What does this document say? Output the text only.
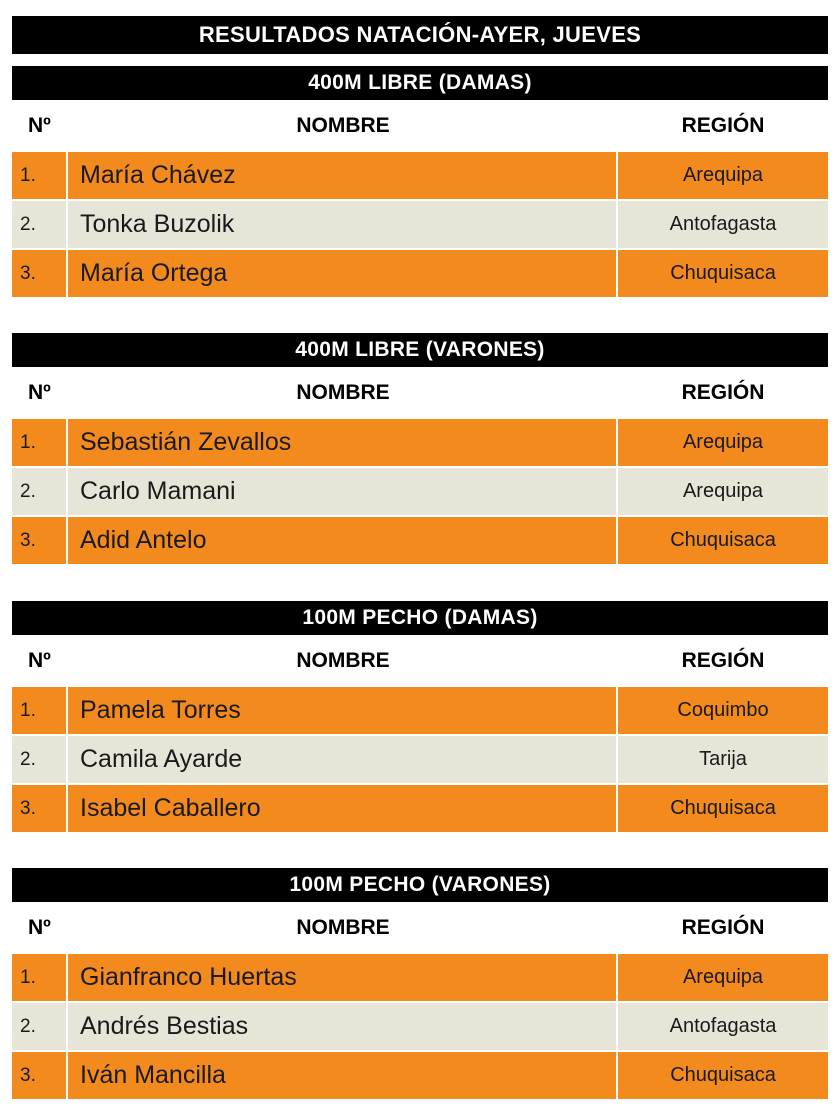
RESULTADOS NATACIÓN-AYER, JUEVES
400M LIBRE (DAMAS)
Nº	NOMBRE	REGIÓN
1.	María Chávez	Arequipa
2.	Tonka Buzolik	Antofagasta
3.	María Ortega	Chuquisaca
400M LIBRE (VARONES)
Nº	NOMBRE	REGIÓN
1.	Sebastián Zevallos	Arequipa
2.	Carlo Mamani	Arequipa
3.	Adid Antelo	Chuquisaca
100M PECHO (DAMAS)
Nº	NOMBRE	REGIÓN
1.	Pamela Torres	Coquimbo
2.	Camila Ayarde	Tarija
3.	Isabel Caballero	Chuquisaca
100M PECHO (VARONES)
Nº	NOMBRE	REGIÓN
1.	Gianfranco Huertas	Arequipa
2.	Andrés Bestias	Antofagasta
3.	Iván Mancilla	Chuquisaca
